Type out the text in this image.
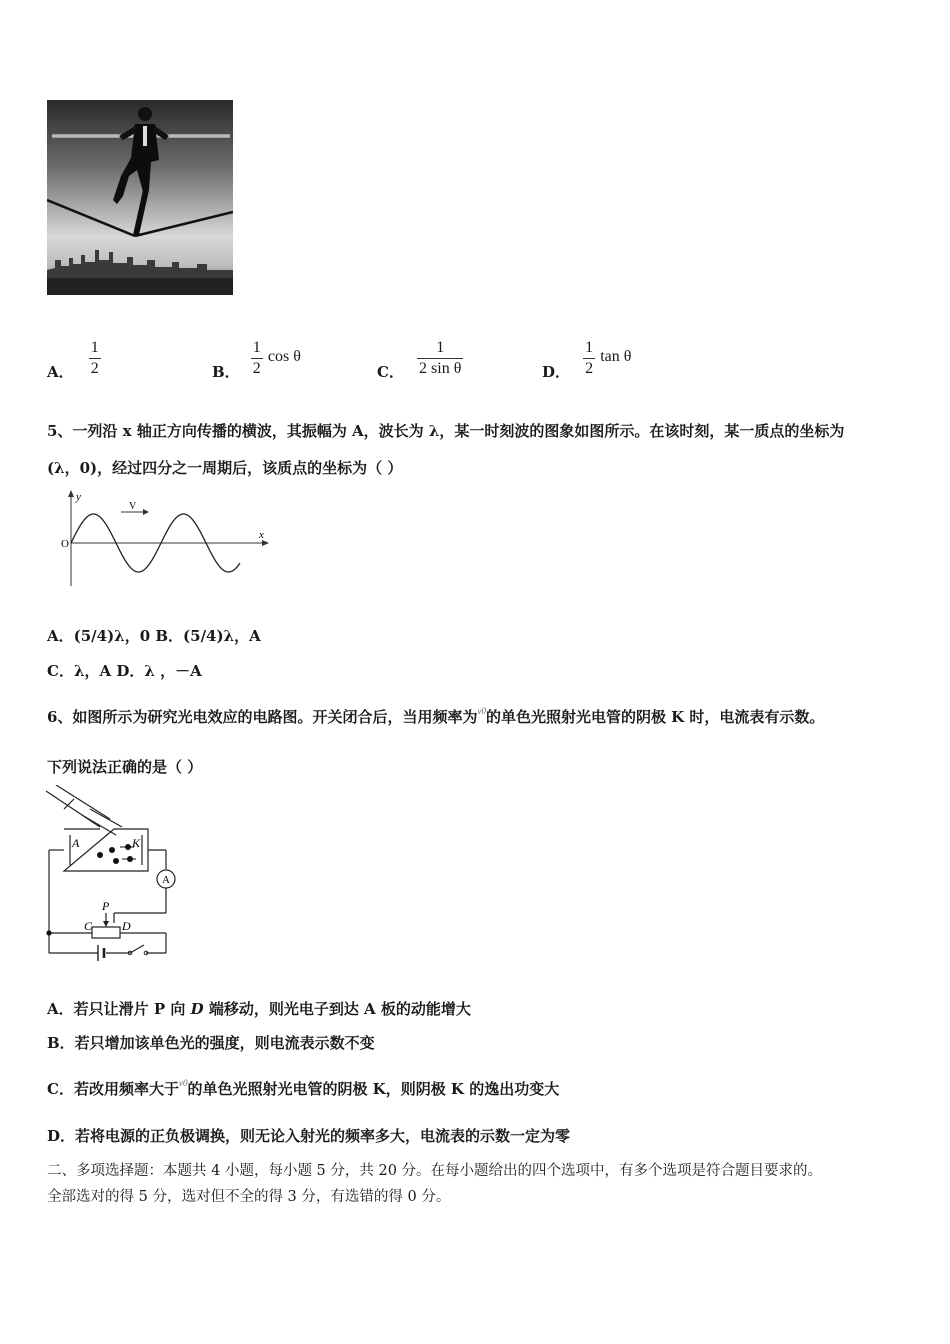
A． $\frac{1}{2}$	B． $\frac{1}{2}$ cos θ
C． $\frac{1}{\text{2 sin θ}}$	D． $\frac{1}{2}$ tan θ
5、一列沿 x 轴正方向传播的横波，其振幅为 A，波长为 λ，某一时刻波的图象如图所示。在该时刻，某一质点的坐标为
(λ，0)，经过四分之一周期后，该质点的坐标为（ ）
y
x
O
V
A．(5/4)λ，0 B．(5/4)λ，A
C．λ，A D．λ ，－A
6、如图所示为研究光电效应的电路图。开关闭合后，当用频率为$^{\nu 0}$的单色光照射光电管的阴极 K 时，电流表有示数。
下列说法正确的是（ ）
A	K
A
P
C D
A．若只让滑片 P 向 D 端移动，则光电子到达 A 板的动能增大
B．若只增加该单色光的强度，则电流表示数不变
C．若改用频率大于$^{\nu 0}$的单色光照射光电管的阴极 K，则阴极 K 的逸出功变大
D．若将电源的正负极调换，则无论入射光的频率多大，电流表的示数一定为零
二、多项选择题：本题共 4 小题，每小题 5 分，共 20 分。在每小题给出的四个选项中，有多个选项是符合题目要求的。
全部选对的得 5 分，选对但不全的得 3 分，有选错的得 0 分。
